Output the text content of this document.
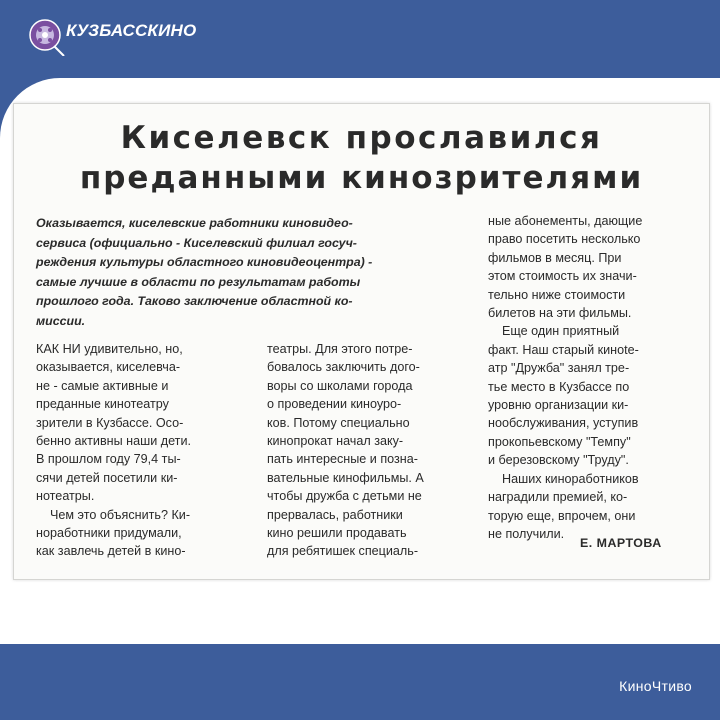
КУЗБАССКИНО
Киселевск прославился
преданными кинозрителями
Оказывается, киселевские работники киновидео-
сервиса (официально - Киселевский филиал госуч-
реждения культуры областного киновидеоцентра) -
самые лучшие в области по результатам работы
прошлого года. Таково заключение областной ко-
миссии.
КАК НИ удивительно, но,
оказывается, киселевча-
не - самые активные и
преданные кинотеатру
зрители в Кузбассе. Осо-
бенно активны наши дети.
В прошлом году 79,4 ты-
сячи детей посетили ки-
нотеатры.
Чем это объяснить? Ки-
норaботники придумали,
как завлечь детей в кино-
театры. Для этого потре-
бовалось заключить дого-
воры со школами города
о проведении киноуро-
ков. Потому специально
кинопрокат начал заку-
пать интересные и позна-
вательные кинофильмы. А
чтобы дружба с детьми не
прервалась, работники
кино решили продавать
для ребятишек специаль-
ные абонементы, дающие
право посетить несколько
фильмов в месяц. При
этом стоимость их значи-
тельно ниже стоимости
билетов на эти фильмы.
Еще один приятный
факт. Наш старый кинote-
атр "Дружба" занял тре-
тье место в Кузбассе по
уровню организации ки-
нообслуживания, уступив
прокопьевскому "Темпу"
и березовскому "Труду".
Наших киноработников
наградили премией, ко-
торую еще, впрочем, они
не получили.
Е. МАРТОВА
КиноЧтиво
